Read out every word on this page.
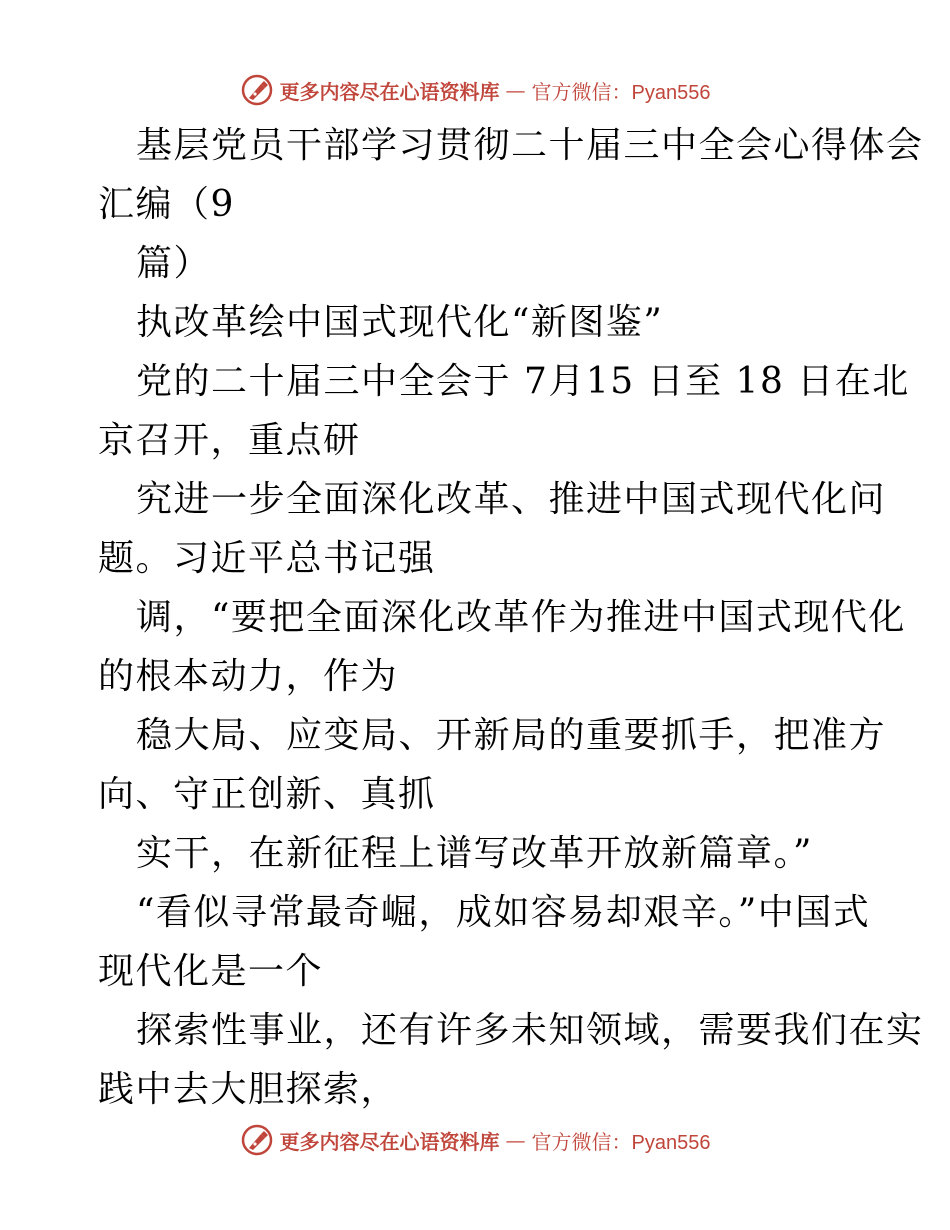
更多内容尽在心语资料库 — 官方微信：Pyan556
基层党员干部学习贯彻二十届三中全会心得体会
汇编（9
篇）
执改革绘中国式现代化“新图鉴”
党的二十届三中全会于 7月15 日至 18 日在北
京召开，重点研
究进一步全面深化改革、推进中国式现代化问
题。习近平总书记强
调，“要把全面深化改革作为推进中国式现代化
的根本动力，作为
稳大局、应变局、开新局的重要抓手，把准方
向、守正创新、真抓
实干，在新征程上谱写改革开放新篇章。”
“看似寻常最奇崛，成如容易却艰辛。”中国式
现代化是一个
探索性事业，还有许多未知领域，需要我们在实
践中去大胆探索，
更多内容尽在心语资料库 — 官方微信：Pyan556
